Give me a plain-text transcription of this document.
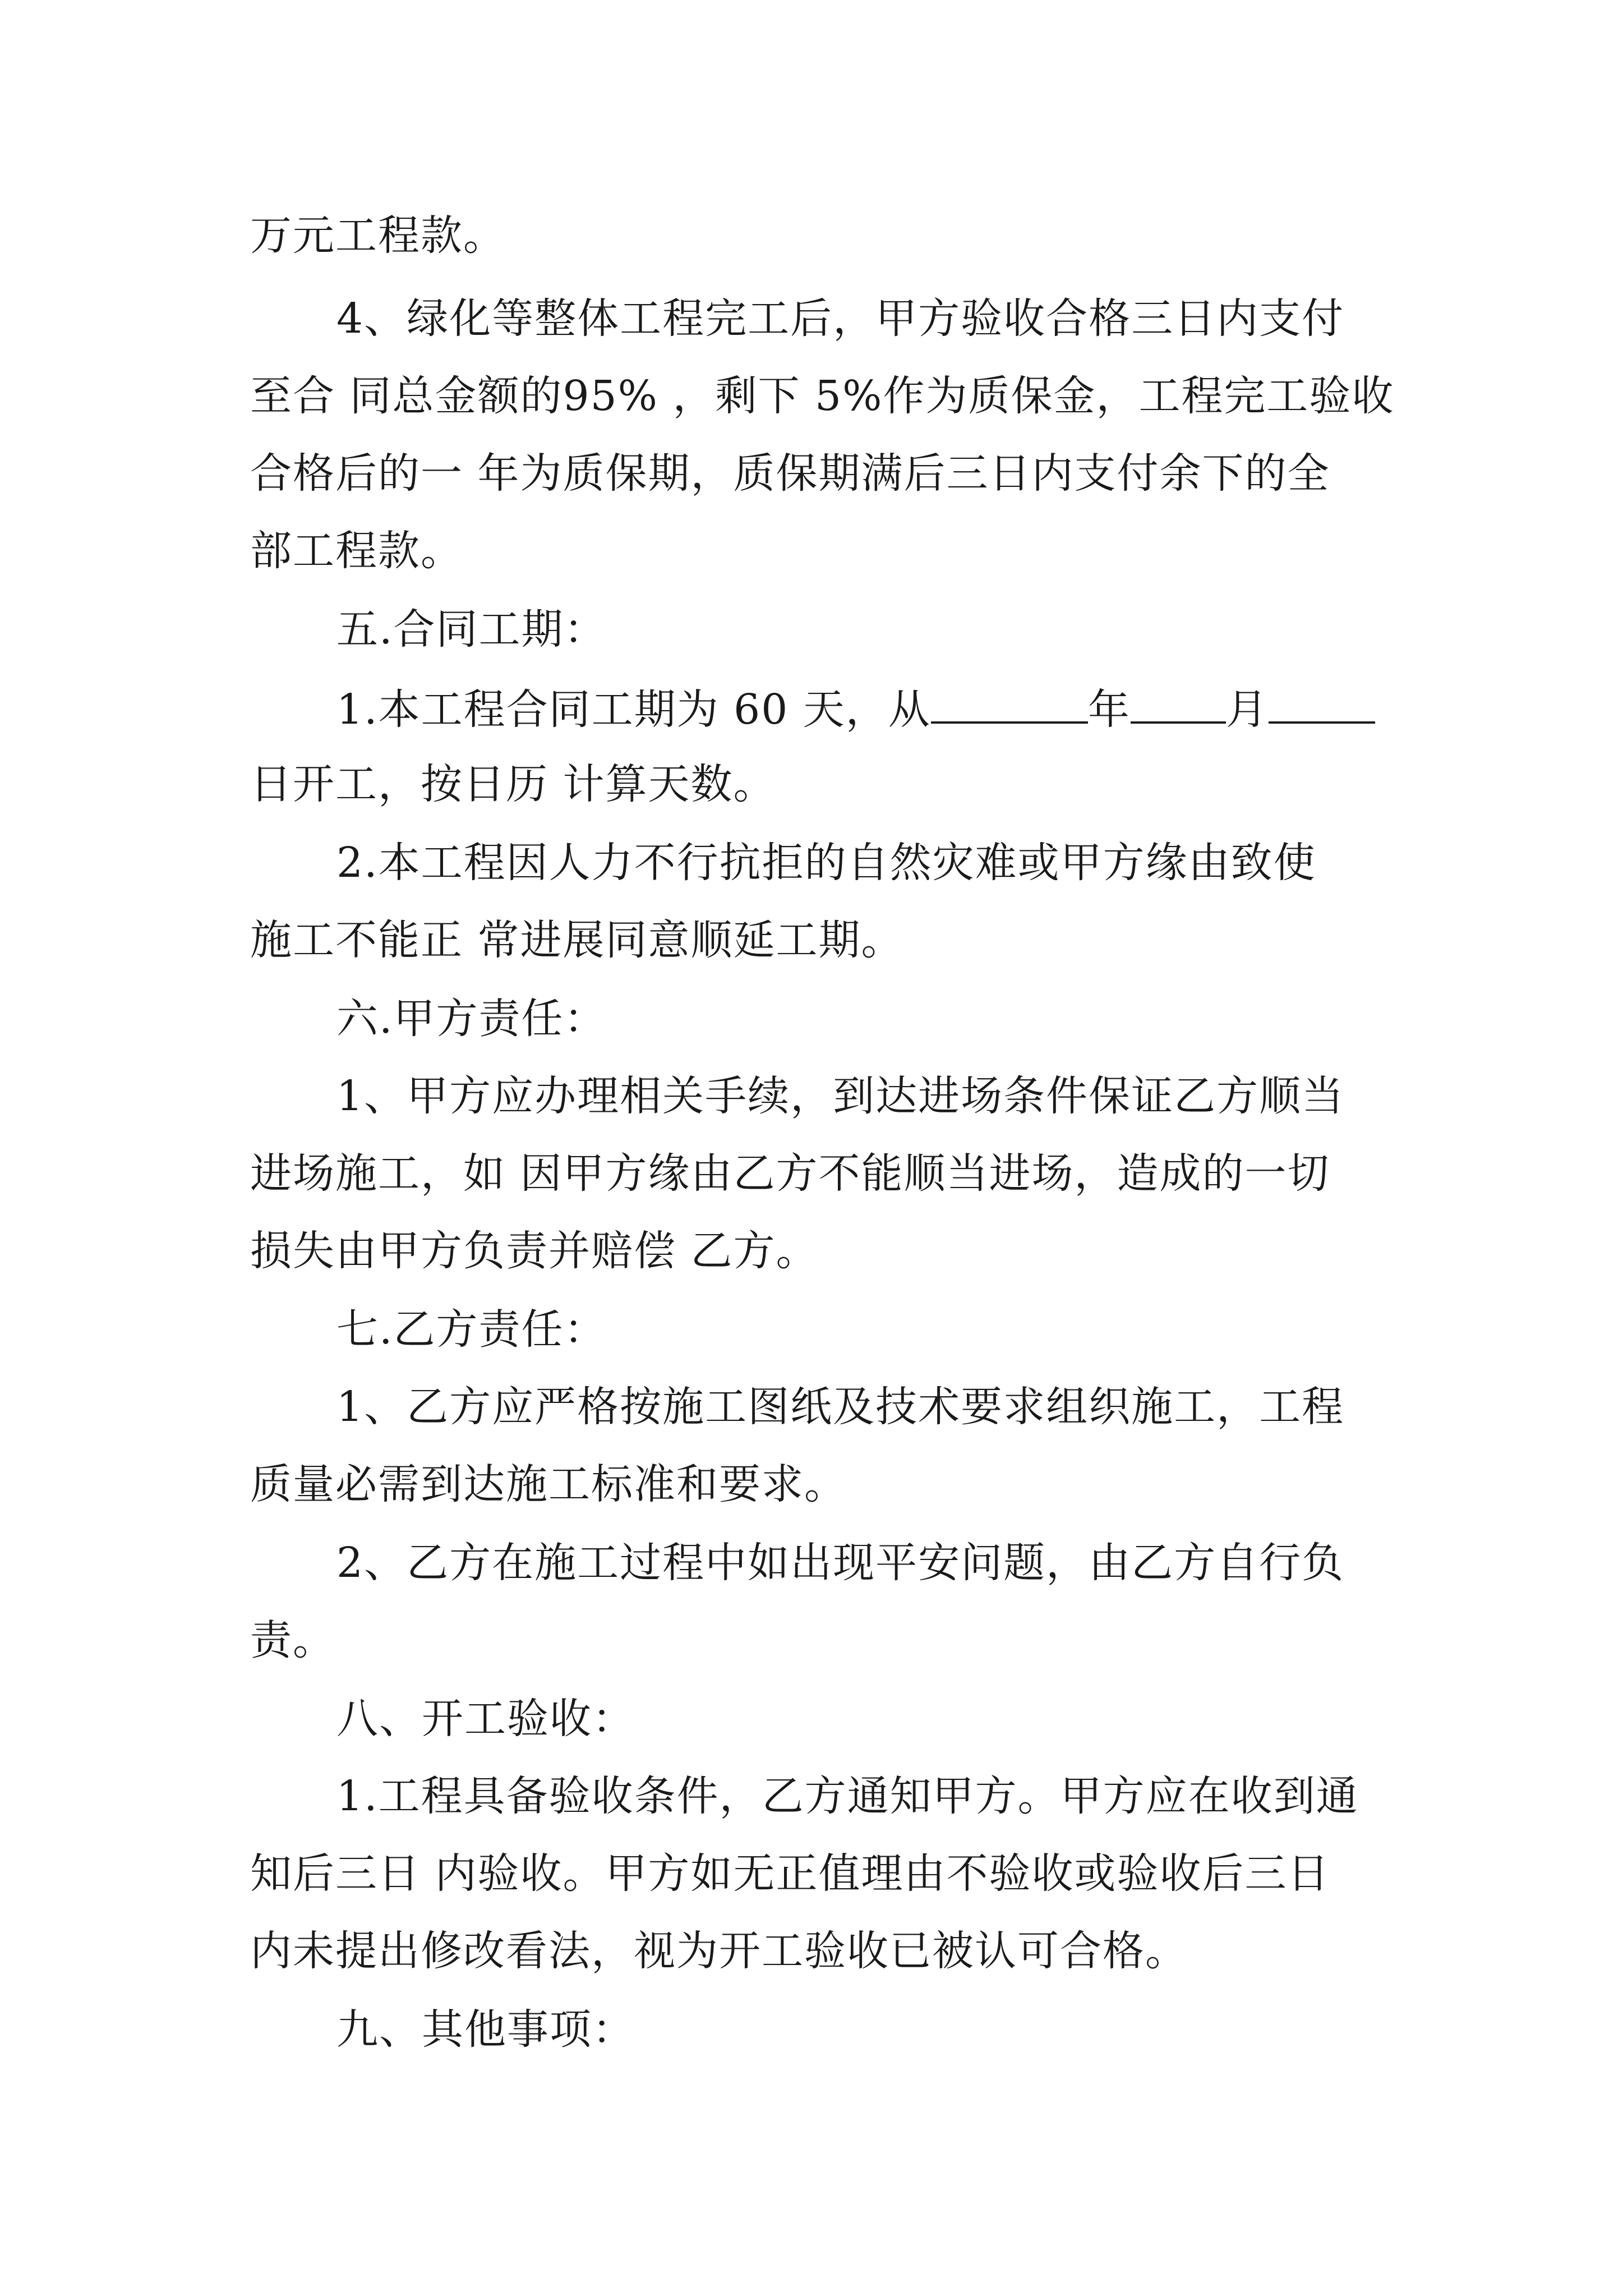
万元工程款。
4、绿化等整体工程完工后，甲方验收合格三日内支付
至合 同总金额的95% ，剩下 5%作为质保金，工程完工验收
合格后的一 年为质保期，质保期满后三日内支付余下的全
部工程款。
五.合同工期：
1.本工程合同工期为 60 天，从	年 月
日开工，按日历 计算天数。
2.本工程因人力不行抗拒的自然灾难或甲方缘由致使
施工不能正 常进展同意顺延工期。
六.甲方责任：
1、甲方应办理相关手续，到达进场条件保证乙方顺当
进场施工，如 因甲方缘由乙方不能顺当进场，造成的一切
损失由甲方负责并赔偿 乙方。
七.乙方责任：
1、乙方应严格按施工图纸及技术要求组织施工，工程
质量必需到达施工标准和要求。
2、乙方在施工过程中如出现平安问题，由乙方自行负
责。
八、开工验收：
1.工程具备验收条件，乙方通知甲方。甲方应在收到通
知后三日 内验收。甲方如无正值理由不验收或验收后三日
内未提出修改看法，视为开工验收已被认可合格。
九、其他事项：
